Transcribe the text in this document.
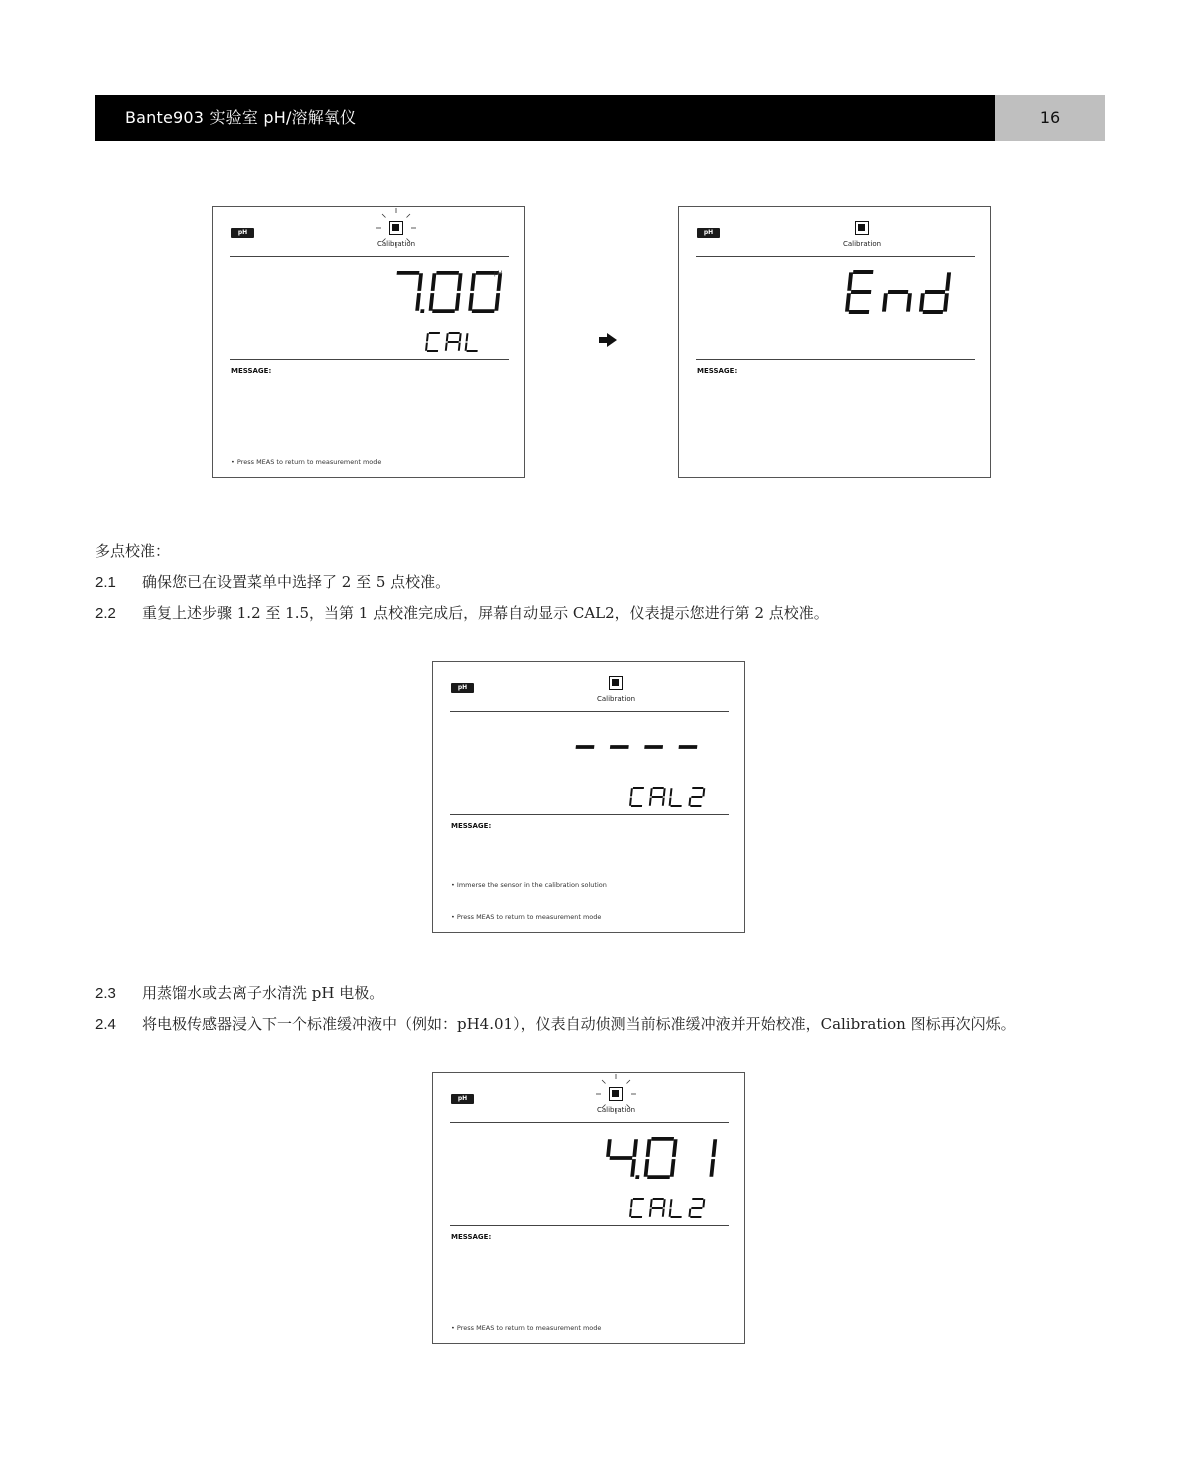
Bante903 实验室 pH/溶解氧仪	16
pH
Calibration
pH
MESSAGE:
• Press MEAS to return to measurement mode
pH
Calibration
MESSAGE:
多点校准：
2.1 确保您已在设置菜单中选择了 2 至 5 点校准。
2.2 重复上述步骤 1.2 至 1.5，当第 1 点校准完成后，屏幕自动显示 CAL2，仪表提示您进行第 2 点校准。
pH
Calibration
MESSAGE:
• Immerse the sensor in the calibration solution
• Press MEAS to return to measurement mode
2.3 用蒸馏水或去离子水清洗 pH 电极。
2.4 将电极传感器浸入下一个标准缓冲液中（例如：pH4.01），仪表自动侦测当前标准缓冲液并开始校准，Calibration 图标再次闪烁。
pH
Calibration
MESSAGE:
• Press MEAS to return to measurement mode
